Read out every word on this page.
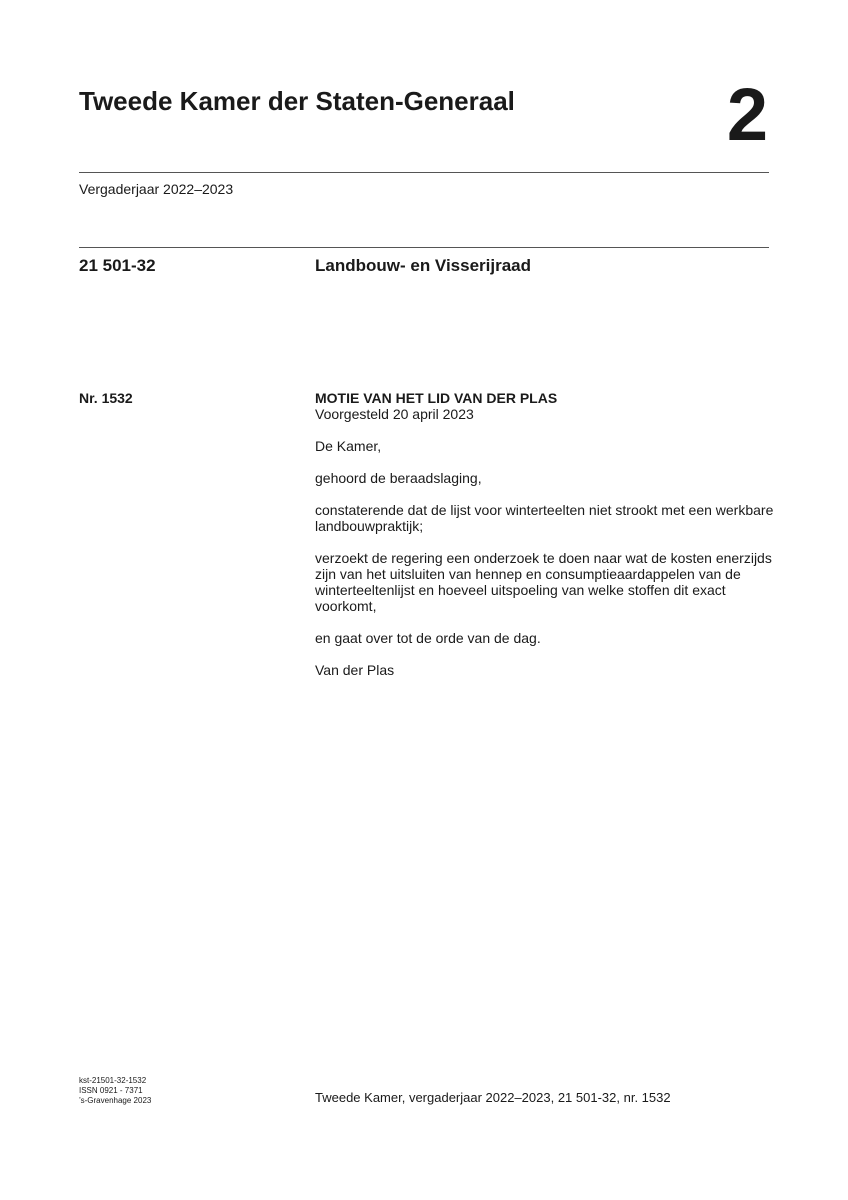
Tweede Kamer der Staten-Generaal	2
Vergaderjaar 2022–2023
21 501-32	Landbouw- en Visserijraad
Nr. 1532	MOTIE VAN HET LID VAN DER PLAS
Voorgesteld 20 april 2023
De Kamer,
gehoord de beraadslaging,
constaterende dat de lijst voor winterteelten niet strookt met een werkbare landbouwpraktijk;
verzoekt de regering een onderzoek te doen naar wat de kosten enerzijds zijn van het uitsluiten van hennep en consumptieaardappelen van de winterteeltenlijst en hoeveel uitspoeling van welke stoffen dit exact voorkomt,
en gaat over tot de orde van de dag.
Van der Plas
kst-21501-32-1532
ISSN 0921 - 7371
’s-Gravenhage 2023	Tweede Kamer, vergaderjaar 2022–2023, 21 501-32, nr. 1532
